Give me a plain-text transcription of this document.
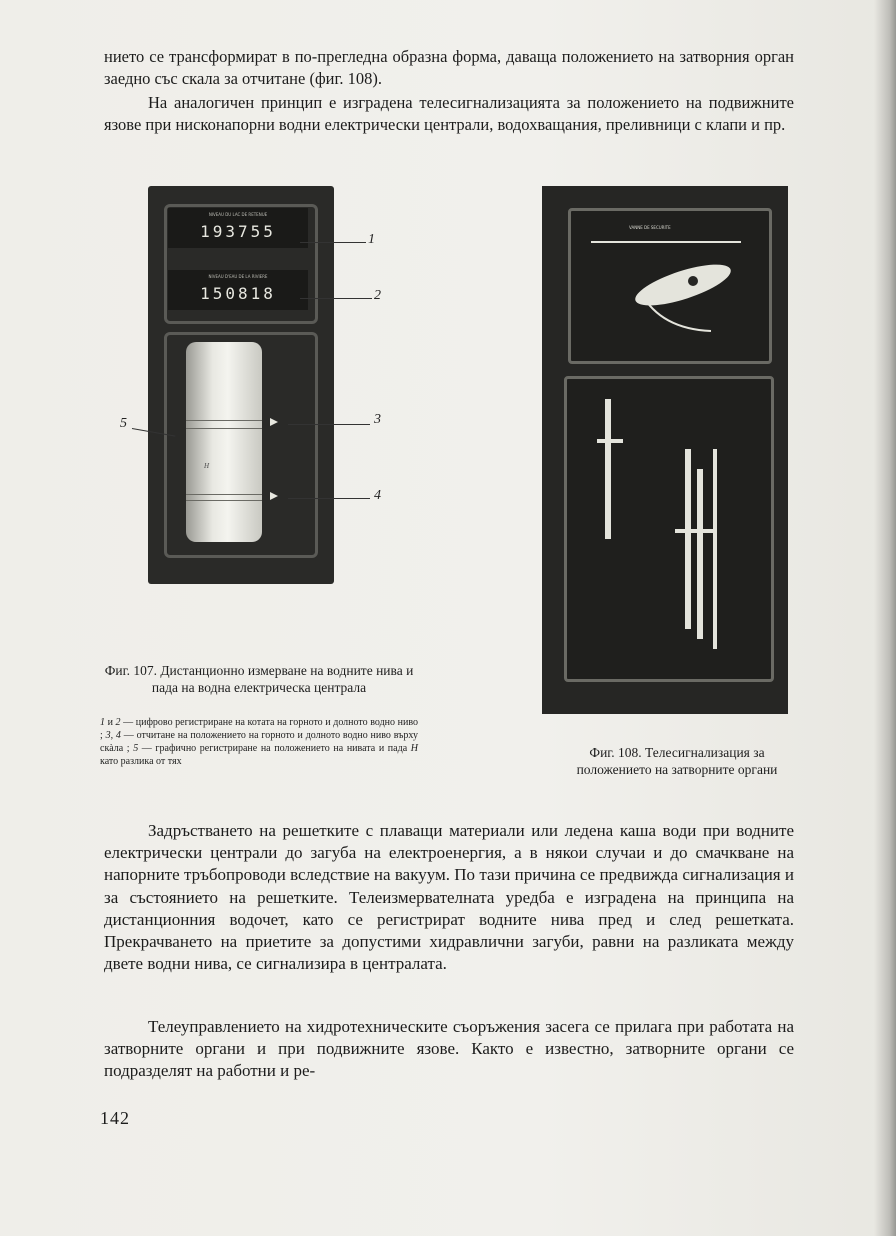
нието се трансформират в по-прегледна образна форма, даваща положението на затворния орган заедно със скала за отчитане (фиг. 108).
На аналогичен принцип е изградена телесигнализацията за положението на подвижните язове при нисконапорни водни електрически централи, водохващания, преливници с клапи и пр.
NIVEAU DU LAC DE RETENUE
193755
NIVEAU D'EAU DE LA RIVIERE
150818
H
1
2
3
4
5
VANNE DE SECURITE
Фиг. 107. Дистанционно измерване на водните нива и пада на водна електрическа централа
1 и 2 — цифрово регистриране на котата на горното и долното водно ниво ; 3, 4 — отчитане на положението на горното и долното водно ниво върху скàла ; 5 — графично регистриране на положението на нивата и пада H като разлика от тях
Фиг. 108. Телесигнализация за положението на затворните органи
Задръстването на решетките с плаващи материали или ледена каша води при водните електрически централи до загуба на електроенергия, а в някои случаи и до смачкване на напорните тръбопроводи вследствие на вакуум. По тази причина се предвижда сигнализация и за състоянието на решетките. Телеизмервателната уредба е изградена на принципа на дистанционния водочет, като се регистрират водните нива пред и след решетката. Прекрачването на приетите за допустими хидравлични загуби, равни на разликата между двете водни нива, се сигнализира в централата.
Телеуправлението на хидротехническите съоръжения засега се прилага при работата на затворните органи и при подвижните язове. Както е известно, затворните органи се подразделят на работни и ре-
142
